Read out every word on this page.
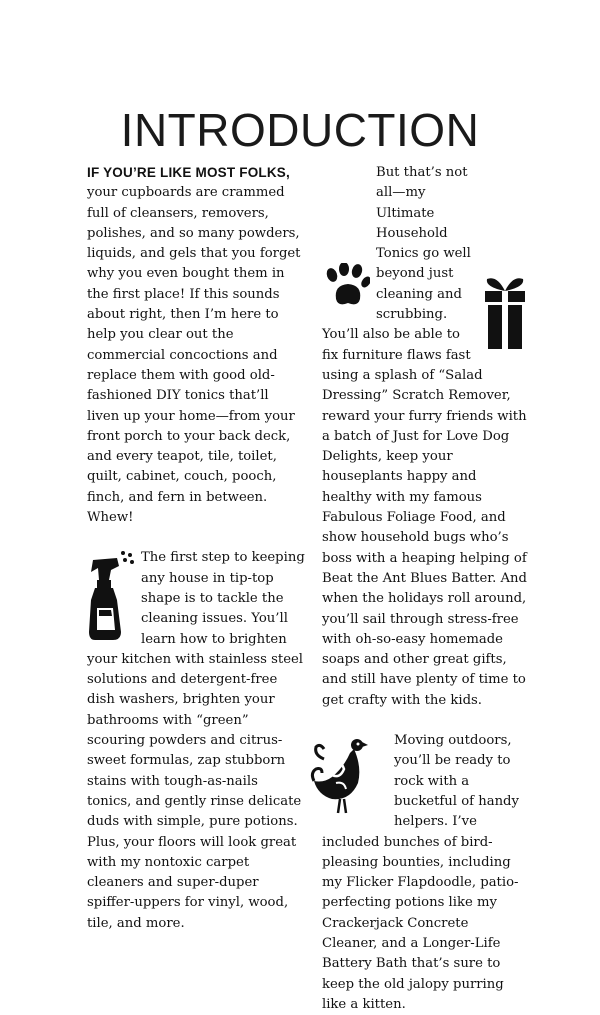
INTRODUCTION

IF YOU’RE LIKE MOST FOLKS,
your cupboards are crammed full of cleansers, removers, polishes, and so many powders, liquids, and gels that you forget why you even bought them in the first place! If this sounds about right, then I’m here to help you clear out the commercial concoctions and replace them with good old-fashioned DIY tonics that’ll liven up your home—from your front porch to your back deck, and every teapot, tile, toilet, quilt, cabinet, couch, pooch, finch, and fern in between. Whew!

The first step to keeping any house in tip-top shape is to tackle the cleaning issues. You’ll learn how to brighten your kitchen with stainless steel solutions and detergent-free dish washers, brighten your bathrooms with “green” scouring powders and citrus-sweet formulas, zap stubborn stains with tough-as-nails tonics, and gently rinse delicate duds with simple, pure potions. Plus, your floors will look great with my nontoxic carpet cleaners and super-duper spiffer-uppers for vinyl, wood, tile, and more.

But that’s not all—my Ultimate Household Tonics go well beyond just cleaning and scrubbing. You’ll also be able to fix furniture flaws fast using a splash of “Salad Dressing” Scratch Remover, reward your furry friends with a batch of Just for Love Dog Delights, keep your houseplants happy and healthy with my famous Fabulous Foliage Food, and show household bugs who’s boss with a heaping helping of Beat the Ant Blues Batter. And when the holidays roll around, you’ll sail through stress-free with oh-so-easy homemade soaps and other great gifts, and still have plenty of time to get crafty with the kids.

Moving outdoors, you’ll be ready to rock with a bucketful of handy helpers. I’ve included bunches of bird-pleasing bounties, including my Flicker Flapdoodle, patio-perfecting potions like my Crackerjack Concrete Cleaner, and a Longer-Life Battery Bath that’s sure to keep the old jalopy purring like a kitten.
